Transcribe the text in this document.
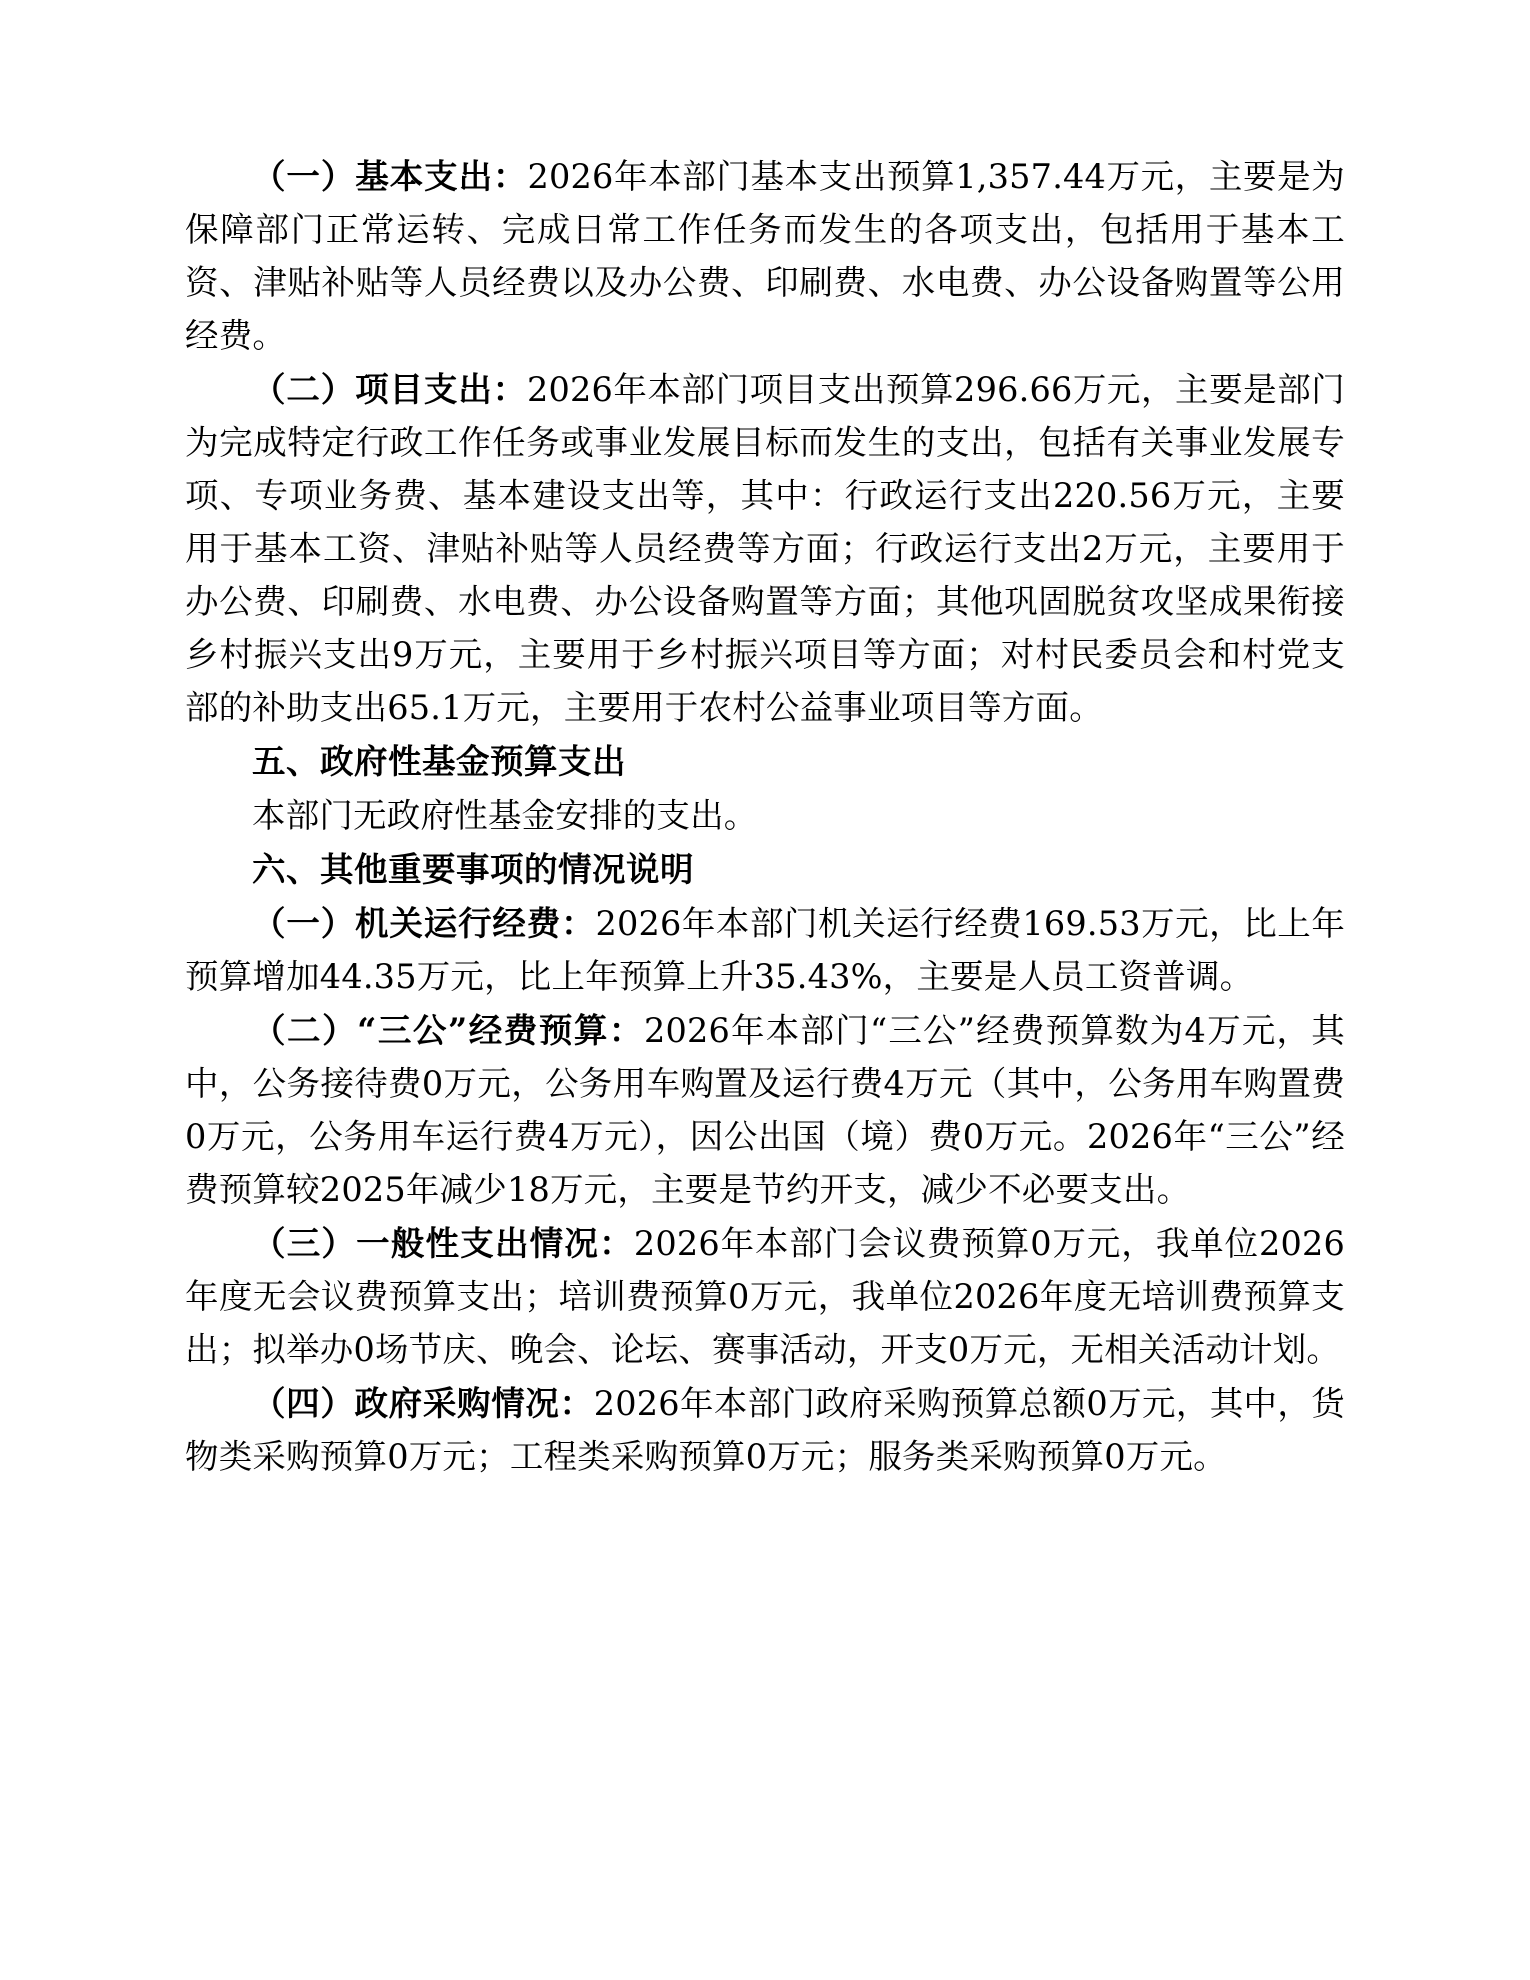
（一）基本支出：2026年本部门基本支出预算1,357.44万元，主要是为保障部门正常运转、完成日常工作任务而发生的各项支出，包括用于基本工资、津贴补贴等人员经费以及办公费、印刷费、水电费、办公设备购置等公用经费。

（二）项目支出：2026年本部门项目支出预算296.66万元，主要是部门为完成特定行政工作任务或事业发展目标而发生的支出，包括有关事业发展专项、专项业务费、基本建设支出等，其中：行政运行支出220.56万元，主要用于基本工资、津贴补贴等人员经费等方面；行政运行支出2万元，主要用于办公费、印刷费、水电费、办公设备购置等方面；其他巩固脱贫攻坚成果衔接乡村振兴支出9万元，主要用于乡村振兴项目等方面；对村民委员会和村党支部的补助支出65.1万元，主要用于农村公益事业项目等方面。

五、政府性基金预算支出

本部门无政府性基金安排的支出。

六、其他重要事项的情况说明

（一）机关运行经费：2026年本部门机关运行经费169.53万元，比上年预算增加44.35万元，比上年预算上升35.43%，主要是人员工资普调。

（二）“三公”经费预算：2026年本部门“三公”经费预算数为4万元，其中，公务接待费0万元，公务用车购置及运行费4万元（其中，公务用车购置费0万元，公务用车运行费4万元），因公出国（境）费0万元。2026年“三公”经费预算较2025年减少18万元，主要是节约开支，减少不必要支出。

（三）一般性支出情况：2026年本部门会议费预算0万元，我单位2026年度无会议费预算支出；培训费预算0万元，我单位2026年度无培训费预算支出；拟举办0场节庆、晚会、论坛、赛事活动，开支0万元，无相关活动计划。

（四）政府采购情况：2026年本部门政府采购预算总额0万元，其中，货物类采购预算0万元；工程类采购预算0万元；服务类采购预算0万元。
